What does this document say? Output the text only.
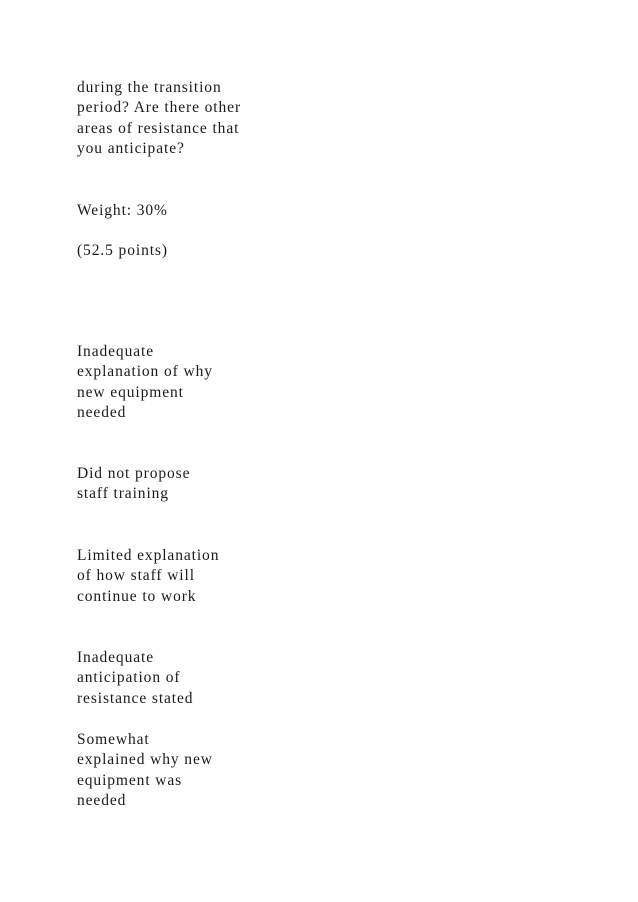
during the transition
period? Are there other
areas of resistance that
you anticipate?

Weight: 30%

(52.5 points)

Inadequate
explanation of why
new equipment
needed

Did not propose
staff training

Limited explanation
of how staff will
continue to work

Inadequate
anticipation of
resistance stated

Somewhat
explained why new
equipment was
needed
